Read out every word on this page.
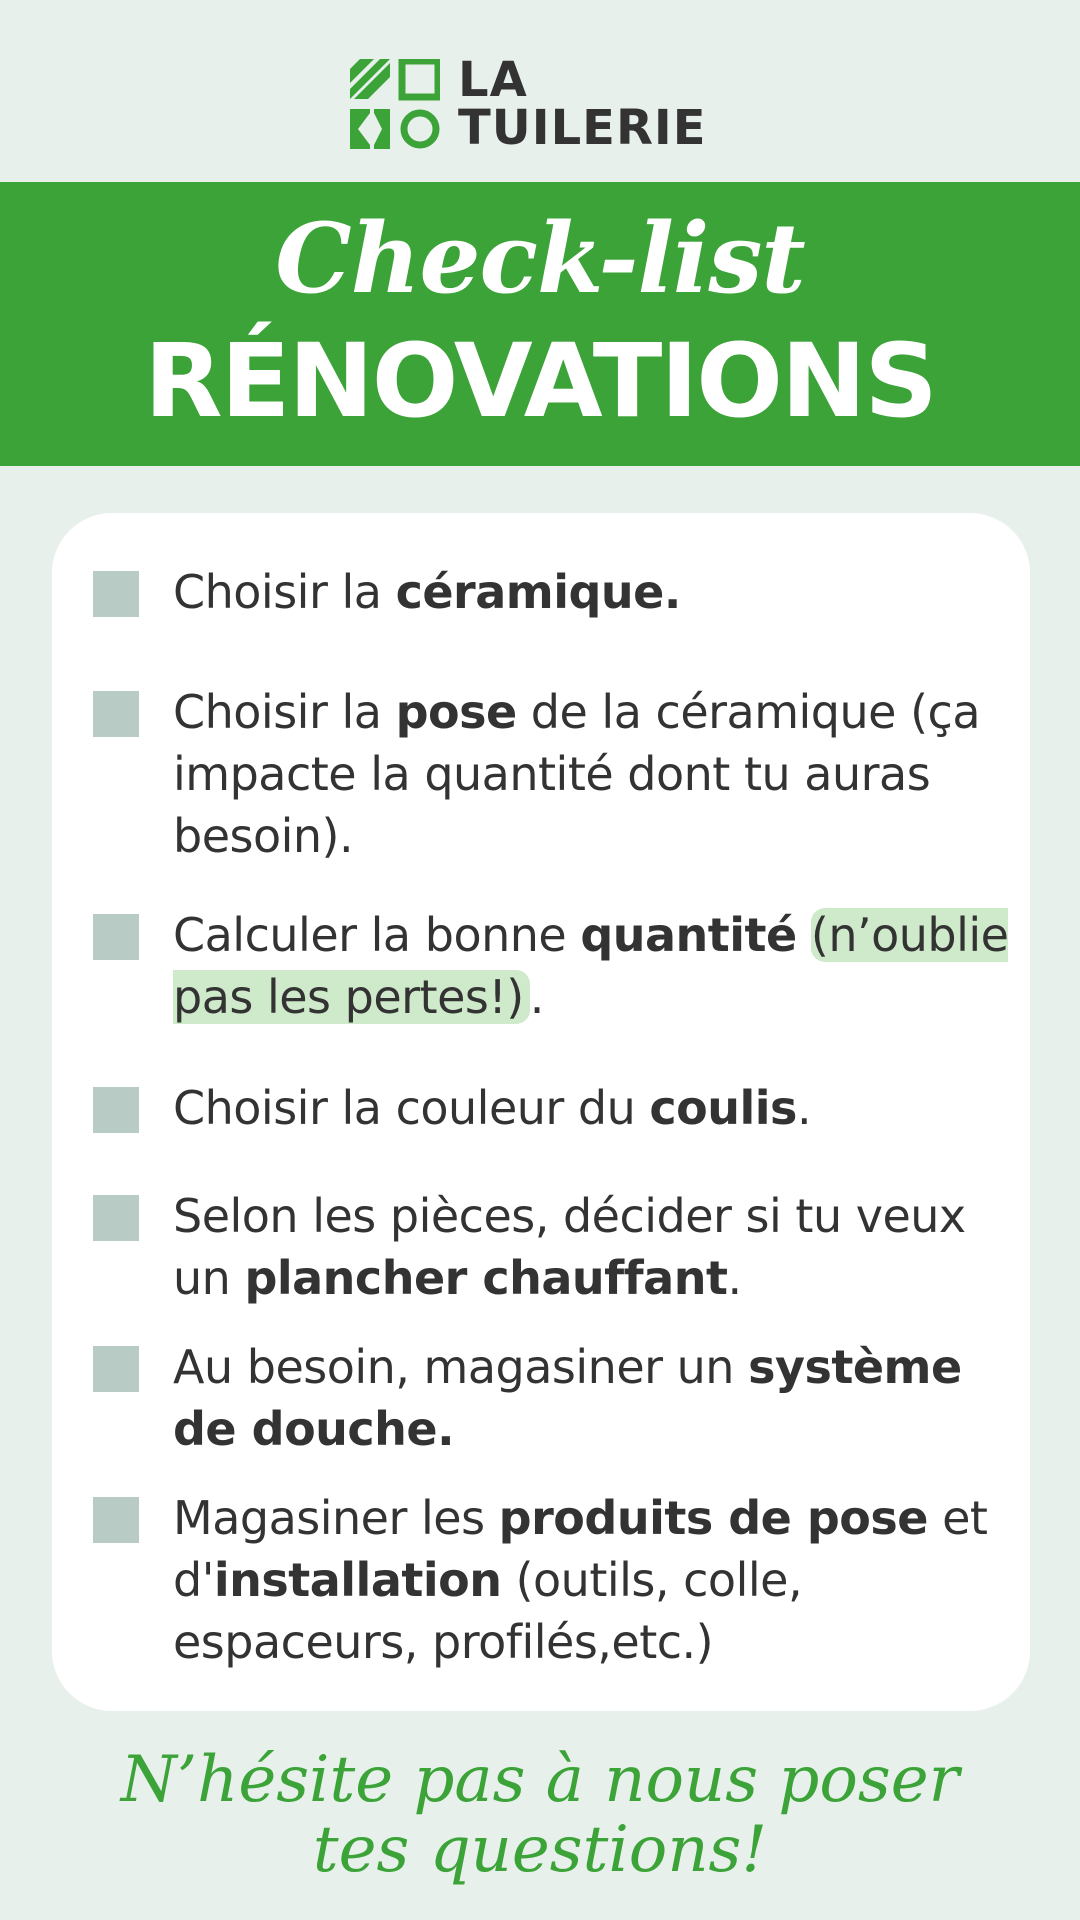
LA
TUILERIE
Check-list
RÉNOVATIONS
Choisir la céramique.
Choisir la pose de la céramique (ça impacte la quantité dont tu auras besoin).
Calculer la bonne quantité (n’oublie pas les pertes!) .
Choisir la couleur du coulis.
Selon les pièces, décider si tu veux un plancher chauffant.
Au besoin, magasiner un système de douche.
Magasiner les produits de pose et d'installation (outils, colle, espaceurs, profilés,etc.)
N’hésite pas à nous poser
tes questions!
